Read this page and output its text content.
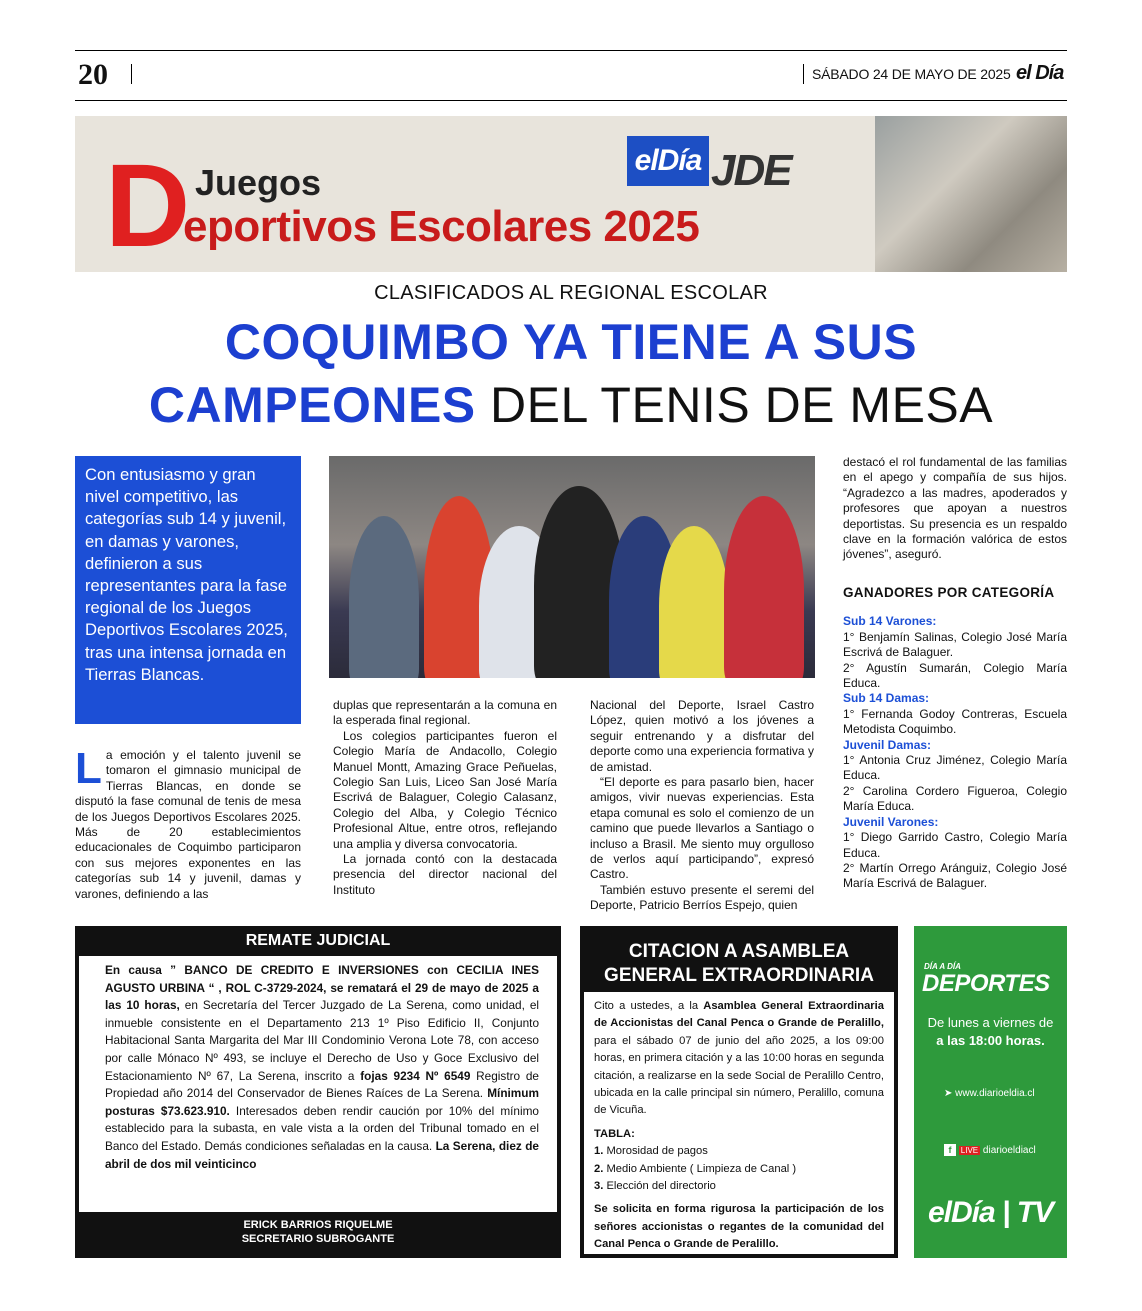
20	SÁBADO 24 DE MAYO DE 2025 el Día
D Juegos
eportivos Escolares 2025
elDía JDE
CLASIFICADOS AL REGIONAL ESCOLAR
COQUIMBO YA TIENE A SUS
CAMPEONES DEL TENIS DE MESA
Con entusiasmo y gran nivel competitivo, las categorías sub 14 y juvenil, en damas y varones, definieron a sus representantes para la fase regional de los Juegos Deportivos Escolares 2025, tras una intensa jornada en Tierras Blancas.
La emoción y el talento juvenil se tomaron el gimnasio municipal de Tierras Blancas, en donde se disputó la fase comunal de tenis de mesa de los Juegos Deportivos Escolares 2025. Más de 20 establecimientos educacionales de Coquimbo participaron con sus mejores exponentes en las categorías sub 14 y juvenil, damas y varones, definiendo a las

duplas que representarán a la comuna en la esperada final regional.

Los colegios participantes fueron el Colegio María de Andacollo, Colegio Manuel Montt, Amazing Grace Peñuelas, Colegio San Luis, Liceo San José María Escrivá de Balaguer, Colegio Calasanz, Colegio del Alba, y Colegio Técnico Profesional Altue, entre otros, reflejando una amplia y diversa convocatoria.

La jornada contó con la destacada presencia del director nacional del Instituto

Nacional del Deporte, Israel Castro López, quien motivó a los jóvenes a seguir entrenando y a disfrutar del deporte como una experiencia formativa y de amistad.

“El deporte es para pasarlo bien, hacer amigos, vivir nuevas experiencias. Esta etapa comunal es solo el comienzo de un camino que puede llevarlos a Santiago o incluso a Brasil. Me siento muy orgulloso de verlos aquí participando”, expresó Castro.

También estuvo presente el seremi del Deporte, Patricio Berríos Espejo, quien

destacó el rol fundamental de las familias en el apego y compañía de sus hijos. “Agradezco a las madres, apoderados y profesores que apoyan a nuestros deportistas. Su presencia es un respaldo clave en la formación valórica de estos jóvenes”, aseguró.

GANADORES POR CATEGORÍA
Sub 14 Varones:

1° Benjamín Salinas, Colegio José María Escrivá de Balaguer.

2° Agustín Sumarán, Colegio María Educa.

Sub 14 Damas:

1° Fernanda Godoy Contreras, Escuela Metodista Coquimbo.

Juvenil Damas:

1° Antonia Cruz Jiménez, Colegio María Educa.

2° Carolina Cordero Figueroa, Colegio María Educa.

Juvenil Varones:

1° Diego Garrido Castro, Colegio María Educa.

2° Martín Orrego Aránguiz, Colegio José María Escrivá de Balaguer.

REMATE JUDICIAL
En causa ” BANCO DE CREDITO E INVERSIONES con CECILIA INES AGUSTO URBINA “ , ROL C-3729-2024, se rematará el 29 de mayo de 2025 a las 10 horas, en Secretaría del Tercer Juzgado de La Serena, como unidad, el inmueble consistente en el Departamento 213 1º Piso Edificio II, Conjunto Habitacional Santa Margarita del Mar III Condominio Verona Lote 78, con acceso por calle Mónaco Nº 493, se incluye el Derecho de Uso y Goce Exclusivo del Estacionamiento Nº 67, La Serena, inscrito a fojas 9234 Nº 6549 Registro de Propiedad año 2014 del Conservador de Bienes Raíces de La Serena. Mínimum posturas $73.623.910. Interesados deben rendir caución por 10% del mínimo establecido para la subasta, en vale vista a la orden del Tribunal tomado en el Banco del Estado. Demás condiciones señaladas en la causa. La Serena, diez de abril de dos mil veinticinco
ERICK BARRIOS RIQUELME
SECRETARIO SUBROGANTE
CITACION A ASAMBLEA
GENERAL EXTRAORDINARIA

Cito a ustedes, a la Asamblea General Extraordinaria de Accionistas del Canal Penca o Grande de Peralillo, para el sábado 07 de junio del año 2025, a los 09:00 horas, en primera citación y a las 10:00 horas en segunda citación, a realizarse en la sede Social de Peralillo Centro, ubicada en la calle principal sin número, Peralillo, comuna de Vicuña.

TABLA:

1. Morosidad de pagos

2. Medio Ambiente ( Limpieza de Canal )

3. Elección del directorio

Se solicita en forma rigurosa la participación de los señores accionistas o regantes de la comunidad del Canal Penca o Grande de Peralillo.

DÍA A DÍA
DEPORTES
De lunes a viernes de
a las 18:00 horas.
➤ www.diarioeldia.cl
f LIVE diarioeldiacl
elDía | TV
